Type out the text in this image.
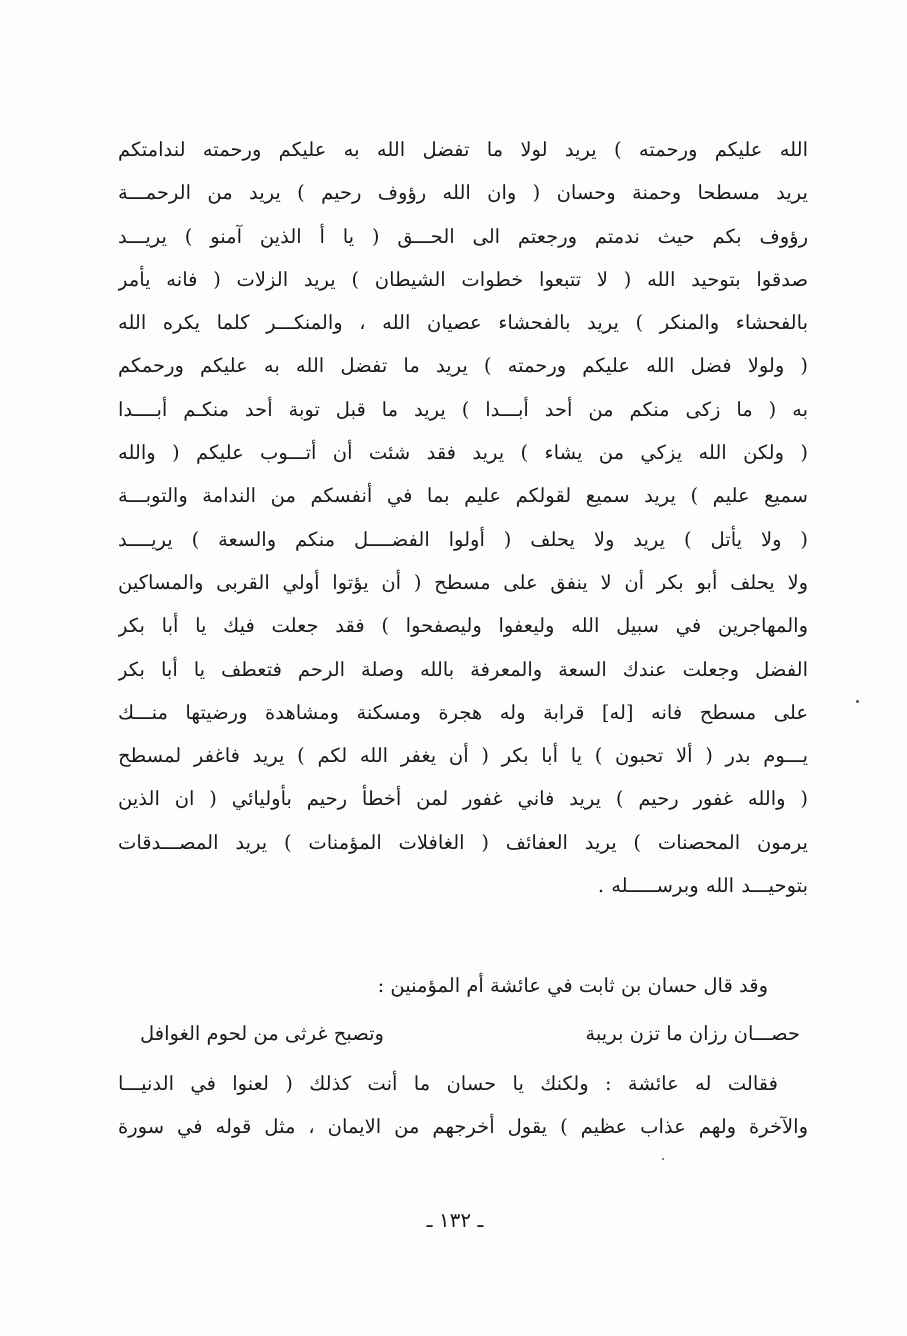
الله عليكم ورحمته ) يريد لولا ما تفضل الله به عليكم ورحمته لندامتكم
يريد مسطحا وحمنة وحسان ( وان الله رؤوف رحيم ) يريد من الرحمـــة
رؤوف بكم حيث ندمتم ورجعتم الى الحـــق ( يا أ الذين آمنو ) يريـــد
صدقوا بتوحيد الله ( لا تتبعوا خطوات الشيطان ) يريد الزلات ( فانه يأمر
بالفحشاء والمنكر ) يريد بالفحشاء عصيان الله ، والمنكـــر كلما يكره الله
( ولولا فضل الله عليكم ورحمته ) يريد ما تفضل الله به عليكم ورحمكم
به ( ما زكى منكم من أحد أبـــدا ) يريد ما قبل توبة أحد منكـم أبــــدا
( ولكن الله يزكي من يشاء ) يريد فقد شئت أن أتـــوب عليكم ( والله
سميع عليم ) يريد سميع لقولكم عليم بما في أنفسكم من الندامة والتوبـــة
( ولا يأتل ) يريد ولا يحلف ( أولوا الفضــــل منكم والسعة ) يريــــد
ولا يحلف أبو بكر أن لا ينفق على مسطح ( أن يؤتوا أولي القربى والمساكين
والمهاجرين في سبيل الله وليعفوا وليصفحوا ) فقد جعلت فيك يا أبا بكر
الفضل وجعلت عندك السعة والمعرفة بالله وصلة الرحم فتعطف يا أبا بكر
على مسطح فانه [له] قرابة وله هجرة ومسكنة ومشاهدة ورضيتها منـــك
يـــوم بدر ( ألا تحبون ) يا أبا بكر ( أن يغفر الله لكم ) يريد فاغفر لمسطح
( والله غفور رحيم ) يريد فاني غفور لمن أخطأ رحيم بأوليائي ( ان الذين
يرمون المحصنات ) يريد العفائف ( الغافلات المؤمنات ) يريد المصـــدقات
بتوحيـــد الله وبرســـــله .
وقد قال حسان بن ثابت في عائشة أم المؤمنين :
حصـــان رزان ما تزن بريبة
وتصبح غرثى من لحوم الغوافل
فقالت له عائشة : ولكنك يا حسان ما أنت كذلك ( لعنوا في الدنيـــا
والآخرة ولهم عذاب عظيم ) يقول أخرجهم من الايمان ، مثل قوله في سورة
ـ ١٣٢ ـ
